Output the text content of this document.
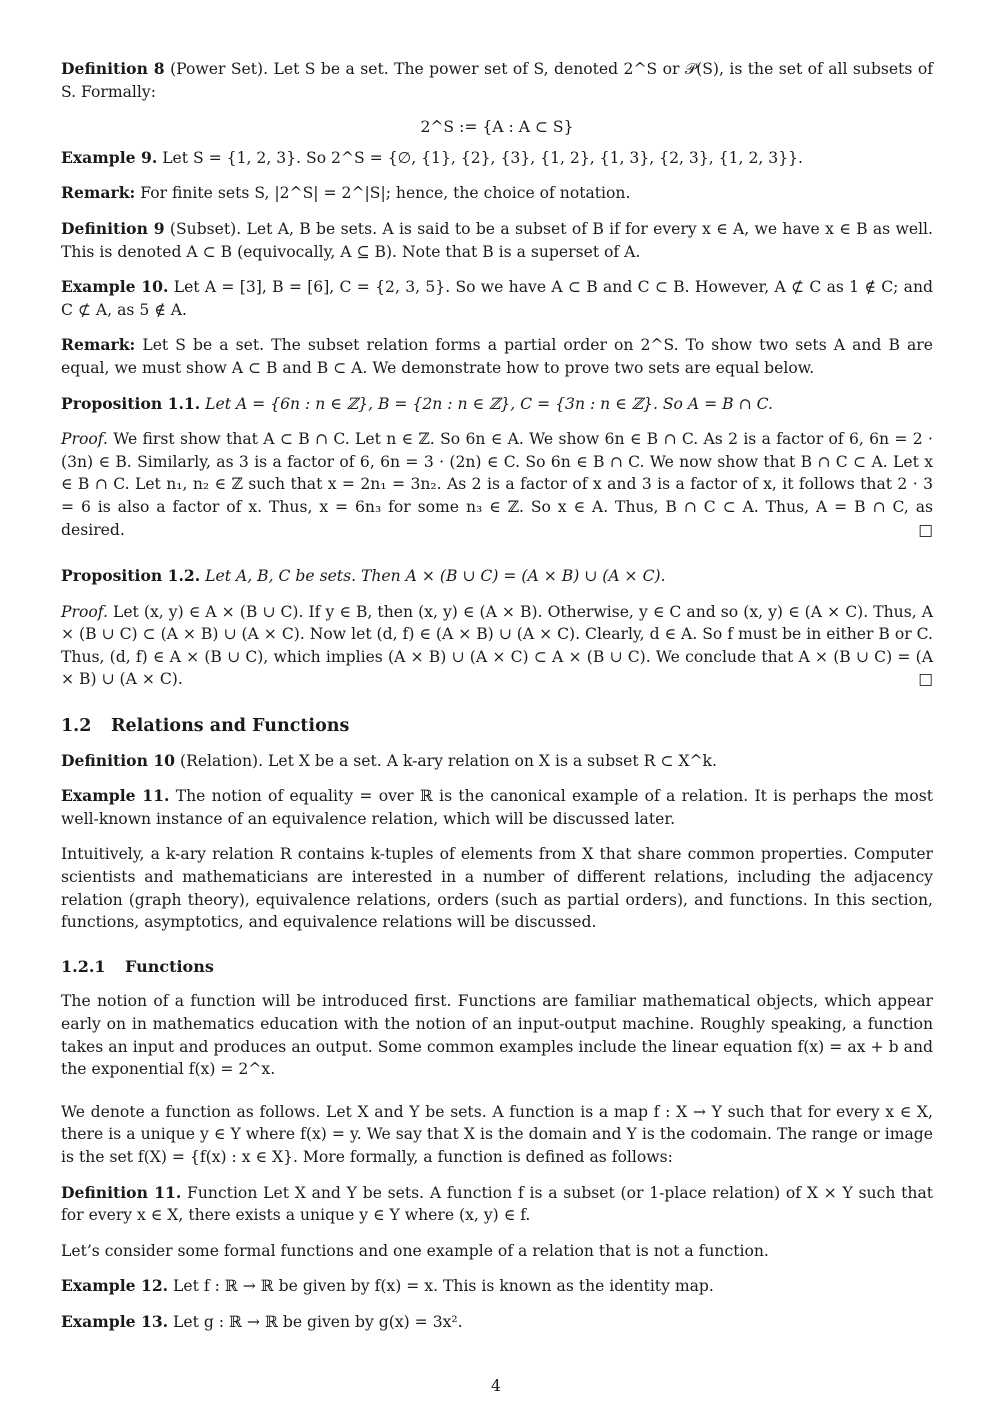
Definition 8 (Power Set). Let S be a set. The power set of S, denoted 2^S or 𝒫(S), is the set of all subsets of S. Formally:

2^S := {A : A ⊂ S}

Example 9. Let S = {1, 2, 3}. So 2^S = {∅, {1}, {2}, {3}, {1, 2}, {1, 3}, {2, 3}, {1, 2, 3}}.

Remark: For finite sets S, |2^S| = 2^|S|; hence, the choice of notation.

Definition 9 (Subset). Let A, B be sets. A is said to be a subset of B if for every x ∈ A, we have x ∈ B as well. This is denoted A ⊂ B (equivocally, A ⊆ B). Note that B is a superset of A.

Example 10. Let A = [3], B = [6], C = {2, 3, 5}. So we have A ⊂ B and C ⊂ B. However, A ⊄ C as 1 ∉ C; and C ⊄ A, as 5 ∉ A.

Remark: Let S be a set. The subset relation forms a partial order on 2^S. To show two sets A and B are equal, we must show A ⊂ B and B ⊂ A. We demonstrate how to prove two sets are equal below.

Proposition 1.1. Let A = {6n : n ∈ ℤ}, B = {2n : n ∈ ℤ}, C = {3n : n ∈ ℤ}. So A = B ∩ C.

Proof. We first show that A ⊂ B ∩ C. Let n ∈ ℤ. So 6n ∈ A. We show 6n ∈ B ∩ C. As 2 is a factor of 6, 6n = 2 · (3n) ∈ B. Similarly, as 3 is a factor of 6, 6n = 3 · (2n) ∈ C. So 6n ∈ B ∩ C. We now show that B ∩ C ⊂ A. Let x ∈ B ∩ C. Let n₁, n₂ ∈ ℤ such that x = 2n₁ = 3n₂. As 2 is a factor of x and 3 is a factor of x, it follows that 2 · 3 = 6 is also a factor of x. Thus, x = 6n₃ for some n₃ ∈ ℤ. So x ∈ A. Thus, B ∩ C ⊂ A. Thus, A = B ∩ C, as desired.	□

Proposition 1.2. Let A, B, C be sets. Then A × (B ∪ C) = (A × B) ∪ (A × C).

Proof. Let (x, y) ∈ A × (B ∪ C). If y ∈ B, then (x, y) ∈ (A × B). Otherwise, y ∈ C and so (x, y) ∈ (A × C). Thus, A × (B ∪ C) ⊂ (A × B) ∪ (A × C). Now let (d, f) ∈ (A × B) ∪ (A × C). Clearly, d ∈ A. So f must be in either B or C. Thus, (d, f) ∈ A × (B ∪ C), which implies (A × B) ∪ (A × C) ⊂ A × (B ∪ C). We conclude that A × (B ∪ C) = (A × B) ∪ (A × C).	□

1.2 Relations and Functions

Definition 10 (Relation). Let X be a set. A k-ary relation on X is a subset R ⊂ X^k.

Example 11. The notion of equality = over ℝ is the canonical example of a relation. It is perhaps the most well-known instance of an equivalence relation, which will be discussed later.

Intuitively, a k-ary relation R contains k-tuples of elements from X that share common properties. Computer scientists and mathematicians are interested in a number of different relations, including the adjacency relation (graph theory), equivalence relations, orders (such as partial orders), and functions. In this section, functions, asymptotics, and equivalence relations will be discussed.

1.2.1 Functions

The notion of a function will be introduced first. Functions are familiar mathematical objects, which appear early on in mathematics education with the notion of an input-output machine. Roughly speaking, a function takes an input and produces an output. Some common examples include the linear equation f(x) = ax + b and the exponential f(x) = 2^x.

We denote a function as follows. Let X and Y be sets. A function is a map f : X → Y such that for every x ∈ X, there is a unique y ∈ Y where f(x) = y. We say that X is the domain and Y is the codomain. The range or image is the set f(X) = {f(x) : x ∈ X}. More formally, a function is defined as follows:

Definition 11. Function Let X and Y be sets. A function f is a subset (or 1-place relation) of X × Y such that for every x ∈ X, there exists a unique y ∈ Y where (x, y) ∈ f.

Let’s consider some formal functions and one example of a relation that is not a function.

Example 12. Let f : ℝ → ℝ be given by f(x) = x. This is known as the identity map.

Example 13. Let g : ℝ → ℝ be given by g(x) = 3x².

4
